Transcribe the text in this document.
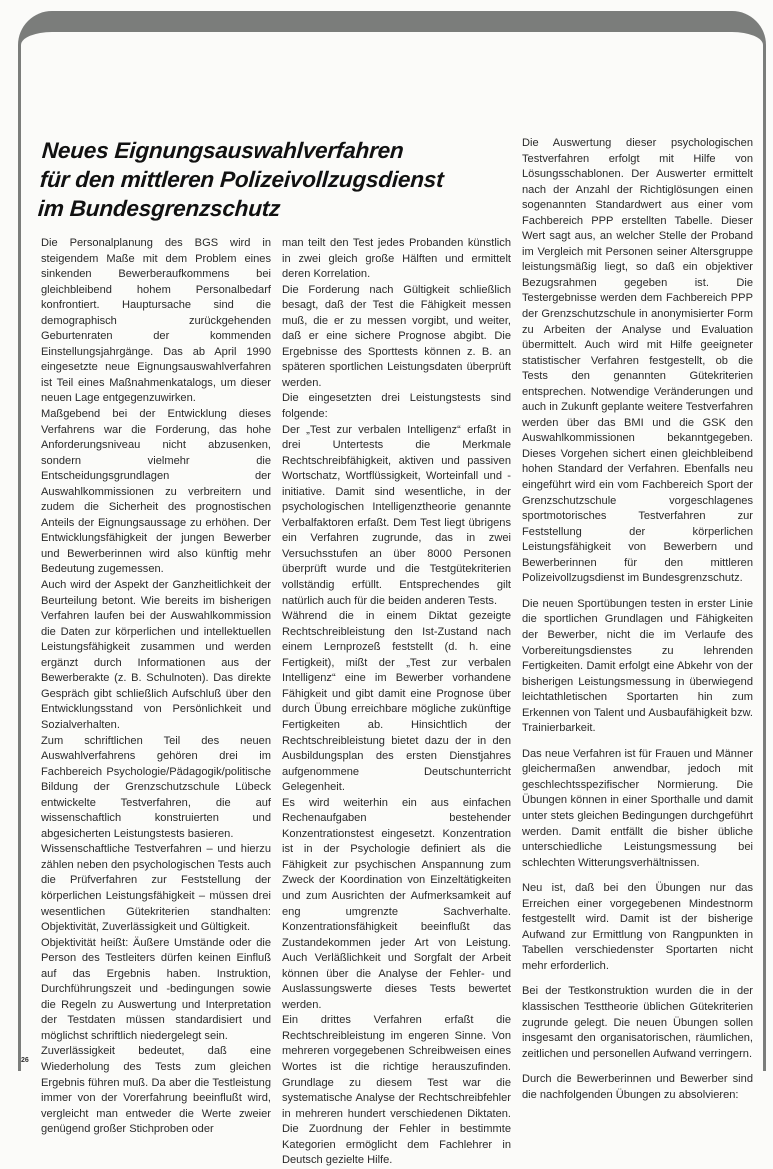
Neues Eignungsauswahlverfahren
für den mittleren Polizeivollzugsdienst
im Bundesgrenzschutz

Die Personalplanung des BGS wird in steigendem Maße mit dem Problem eines sinkenden Bewerberaufkommens bei gleichbleibend hohem Personalbedarf konfrontiert. Hauptursache sind die demographisch zurückgehenden Geburtenraten der kommenden Einstellungsjahrgänge. Das ab April 1990 eingesetzte neue Eignungsauswahlverfahren ist Teil eines Maßnahmenkatalogs, um dieser neuen Lage entgegenzuwirken.

Maßgebend bei der Entwicklung dieses Verfahrens war die Forderung, das hohe Anforderungsniveau nicht abzusenken, sondern vielmehr die Entscheidungsgrundlagen der Auswahlkommissionen zu verbreitern und zudem die Sicherheit des prognostischen Anteils der Eignungsaussage zu erhöhen. Der Entwicklungsfähigkeit der jungen Bewerber und Bewerberinnen wird also künftig mehr Bedeutung zugemessen.

Auch wird der Aspekt der Ganzheitlichkeit der Beurteilung betont. Wie bereits im bisherigen Verfahren laufen bei der Auswahlkommission die Daten zur körperlichen und intellektuellen Leistungsfähigkeit zusammen und werden ergänzt durch Informationen aus der Bewerberakte (z. B. Schulnoten). Das direkte Gespräch gibt schließlich Aufschluß über den Entwicklungsstand von Persönlichkeit und Sozialverhalten.

Zum schriftlichen Teil des neuen Auswahlverfahrens gehören drei im Fachbereich Psychologie/Pädagogik/politische Bildung der Grenzschutzschule Lübeck entwickelte Testverfahren, die auf wissenschaftlich konstruierten und abgesicherten Leistungstests basieren.

Wissenschaftliche Testverfahren – und hierzu zählen neben den psychologischen Tests auch die Prüfverfahren zur Feststellung der körperlichen Leistungsfähigkeit – müssen drei wesentlichen Gütekriterien standhalten: Objektivität, Zuverlässigkeit und Gültigkeit.

Objektivität heißt: Äußere Umstände oder die Person des Testleiters dürfen keinen Einfluß auf das Ergebnis haben. Instruktion, Durchführungszeit und -bedingungen sowie die Regeln zu Auswertung und Interpretation der Testdaten müssen standardisiert und möglichst schriftlich niedergelegt sein.

Zuverlässigkeit bedeutet, daß eine Wiederholung des Tests zum gleichen Ergebnis führen muß. Da aber die Testleistung immer von der Vorerfahrung beeinflußt wird, vergleicht man entweder die Werte zweier genügend großer Stichproben oder

man teilt den Test jedes Probanden künstlich in zwei gleich große Hälften und ermittelt deren Korrelation.

Die Forderung nach Gültigkeit schließlich besagt, daß der Test die Fähigkeit messen muß, die er zu messen vorgibt, und weiter, daß er eine sichere Prognose abgibt. Die Ergebnisse des Sporttests können z. B. an späteren sportlichen Leistungsdaten überprüft werden.

Die eingesetzten drei Leistungstests sind folgende:

Der „Test zur verbalen Intelligenz“ erfaßt in drei Untertests die Merkmale Rechtschreibfähigkeit, aktiven und passiven Wortschatz, Wortflüssigkeit, Worteinfall und -initiative. Damit sind wesentliche, in der psychologischen Intelligenztheorie genannte Verbalfaktoren erfaßt. Dem Test liegt übrigens ein Verfahren zugrunde, das in zwei Versuchsstufen an über 8000 Personen überprüft wurde und die Testgütekriterien vollständig erfüllt. Entsprechendes gilt natürlich auch für die beiden anderen Tests.

Während die in einem Diktat gezeigte Rechtschreibleistung den Ist-Zustand nach einem Lernprozeß feststellt (d. h. eine Fertigkeit), mißt der „Test zur verbalen Intelligenz“ eine im Bewerber vorhandene Fähigkeit und gibt damit eine Prognose über durch Übung erreichbare mögliche zukünftige Fertigkeiten ab. Hinsichtlich der Rechtschreibleistung bietet dazu der in den Ausbildungsplan des ersten Dienstjahres aufgenommene Deutschunterricht Gelegenheit.

Es wird weiterhin ein aus einfachen Rechenaufgaben bestehender Konzentrationstest eingesetzt. Konzentration ist in der Psychologie definiert als die Fähigkeit zur psychischen Anspannung zum Zweck der Koordination von Einzeltätigkeiten und zum Ausrichten der Aufmerksamkeit auf eng umgrenzte Sachverhalte. Konzentrationsfähigkeit beeinflußt das Zustandekommen jeder Art von Leistung. Auch Verläßlichkeit und Sorgfalt der Arbeit können über die Analyse der Fehler- und Auslassungswerte dieses Tests bewertet werden.

Ein drittes Verfahren erfaßt die Rechtschreibleistung im engeren Sinne. Von mehreren vorgegebenen Schreibweisen eines Wortes ist die richtige herauszufinden. Grundlage zu diesem Test war die systematische Analyse der Rechtschreibfehler in mehreren hundert verschiedenen Diktaten. Die Zuordnung der Fehler in bestimmte Kategorien ermöglicht dem Fachlehrer in Deutsch gezielte Hilfe.

Die Auswertung dieser psychologischen Testverfahren erfolgt mit Hilfe von Lösungsschablonen. Der Auswerter ermittelt nach der Anzahl der Richtiglösungen einen sogenannten Standardwert aus einer vom Fachbereich PPP erstellten Tabelle. Dieser Wert sagt aus, an welcher Stelle der Proband im Vergleich mit Personen seiner Altersgruppe leistungsmäßig liegt, so daß ein objektiver Bezugsrahmen gegeben ist. Die Testergebnisse werden dem Fachbereich PPP der Grenzschutzschule in anonymisierter Form zu Arbeiten der Analyse und Evaluation übermittelt. Auch wird mit Hilfe geeigneter statistischer Verfahren festgestellt, ob die Tests den genannten Gütekriterien entsprechen. Notwendige Veränderungen und auch in Zukunft geplante weitere Testverfahren werden über das BMI und die GSK den Auswahlkommissionen bekanntgegeben. Dieses Vorgehen sichert einen gleichbleibend hohen Standard der Verfahren. Ebenfalls neu eingeführt wird ein vom Fachbereich Sport der Grenzschutzschule vorgeschlagenes sportmotorisches Testverfahren zur Feststellung der körperlichen Leistungsfähigkeit von Bewerbern und Bewerberinnen für den mittleren Polizeivollzugsdienst im Bundesgrenzschutz.

Die neuen Sportübungen testen in erster Linie die sportlichen Grundlagen und Fähigkeiten der Bewerber, nicht die im Verlaufe des Vorbereitungsdienstes zu lehrenden Fertigkeiten. Damit erfolgt eine Abkehr von der bisherigen Leistungsmessung in überwiegend leichtathletischen Sportarten hin zum Erkennen von Talent und Ausbaufähigkeit bzw. Trainierbarkeit.

Das neue Verfahren ist für Frauen und Männer gleichermaßen anwendbar, jedoch mit geschlechtsspezifischer Normierung. Die Übungen können in einer Sporthalle und damit unter stets gleichen Bedingungen durchgeführt werden. Damit entfällt die bisher übliche unterschiedliche Leistungsmessung bei schlechten Witterungsverhältnissen.

Neu ist, daß bei den Übungen nur das Erreichen einer vorgegebenen Mindestnorm festgestellt wird. Damit ist der bisherige Aufwand zur Ermittlung von Rangpunkten in Tabellen verschiedenster Sportarten nicht mehr erforderlich.

Bei der Testkonstruktion wurden die in der klassischen Testtheorie üblichen Gütekriterien zugrunde gelegt. Die neuen Übungen sollen insgesamt den organisatorischen, räumlichen, zeitlichen und personellen Aufwand verringern.

Durch die Bewerberinnen und Bewerber sind die nachfolgenden Übungen zu absolvieren:

26
